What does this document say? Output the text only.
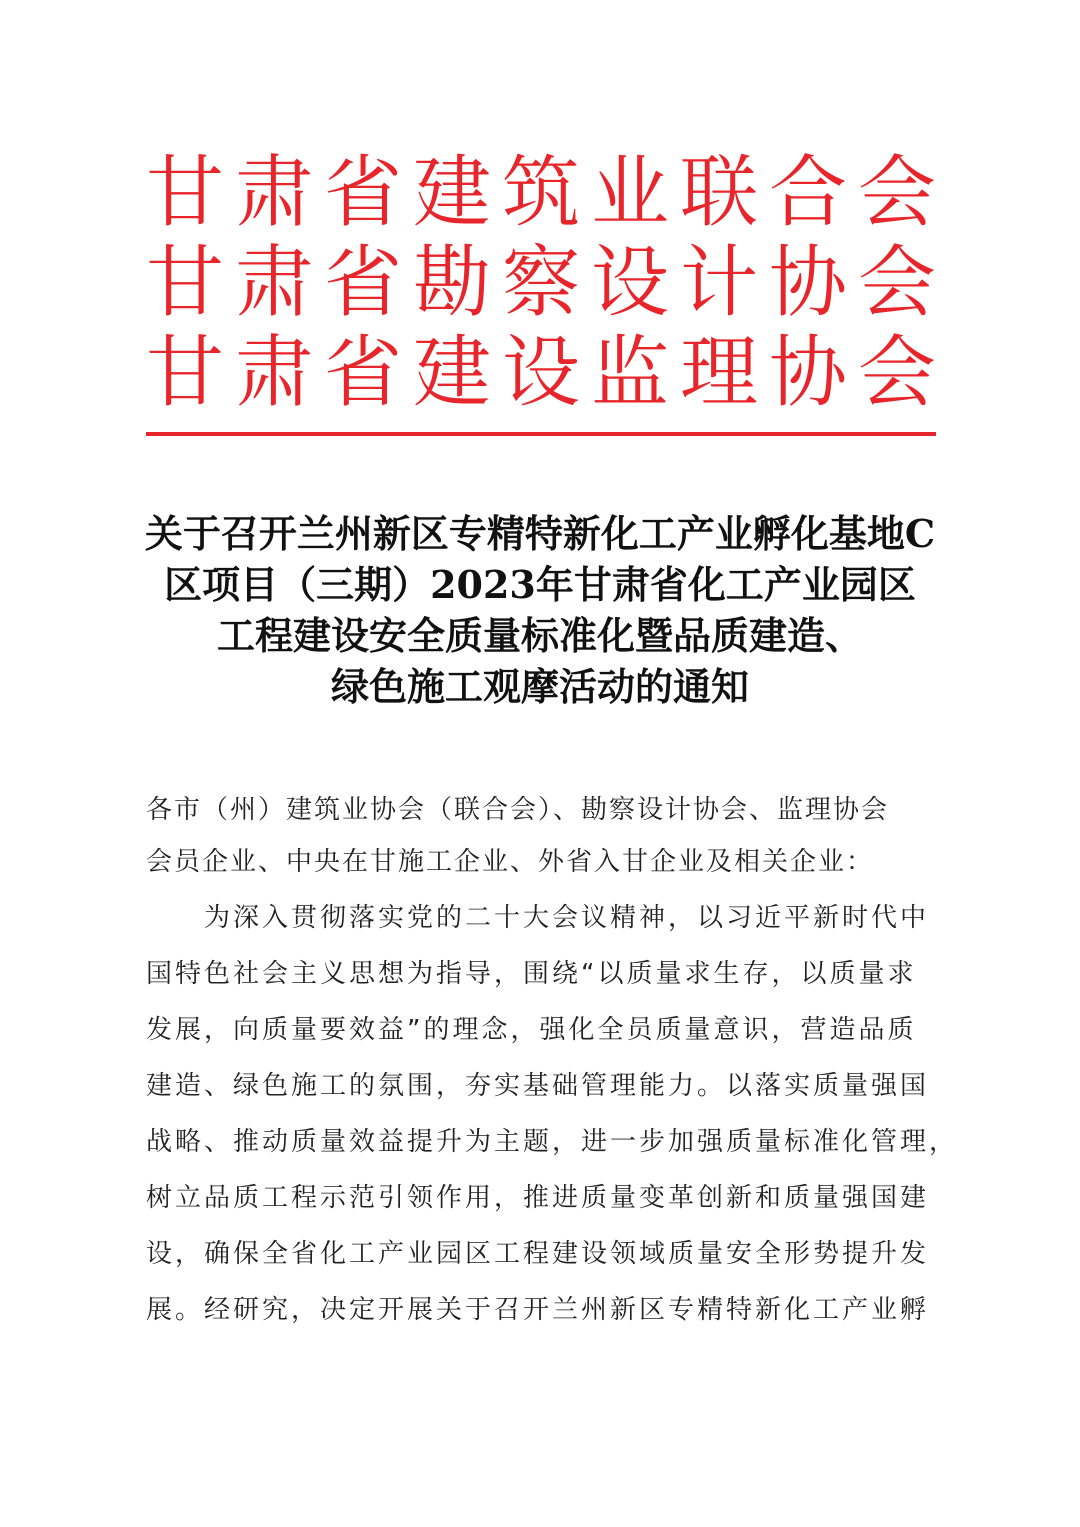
甘 肃 省 建 筑 业 联 合 会
甘 肃 省 勘 察 设 计 协 会
甘 肃 省 建 设 监 理 协 会
关于召开兰州新区专精特新化工产业孵化基地C
区项目（三期）2023年甘肃省化工产业园区
工程建设安全质量标准化暨品质建造、
绿色施工观摩活动的通知
各市（州）建筑业协会（联合会）、勘察设计协会、监理协会
会员企业、中央在甘施工企业、外省入甘企业及相关企业：
　　为深入贯彻落实党的二十大会议精神，以习近平新时代中
国特色社会主义思想为指导，围绕“以质量求生存，以质量求
发展，向质量要效益”的理念，强化全员质量意识，营造品质
建造、绿色施工的氛围，夯实基础管理能力。以落实质量强国
战略、推动质量效益提升为主题，进一步加强质量标准化管理，
树立品质工程示范引领作用，推进质量变革创新和质量强国建
设，确保全省化工产业园区工程建设领域质量安全形势提升发
展。经研究，决定开展关于召开兰州新区专精特新化工产业孵
